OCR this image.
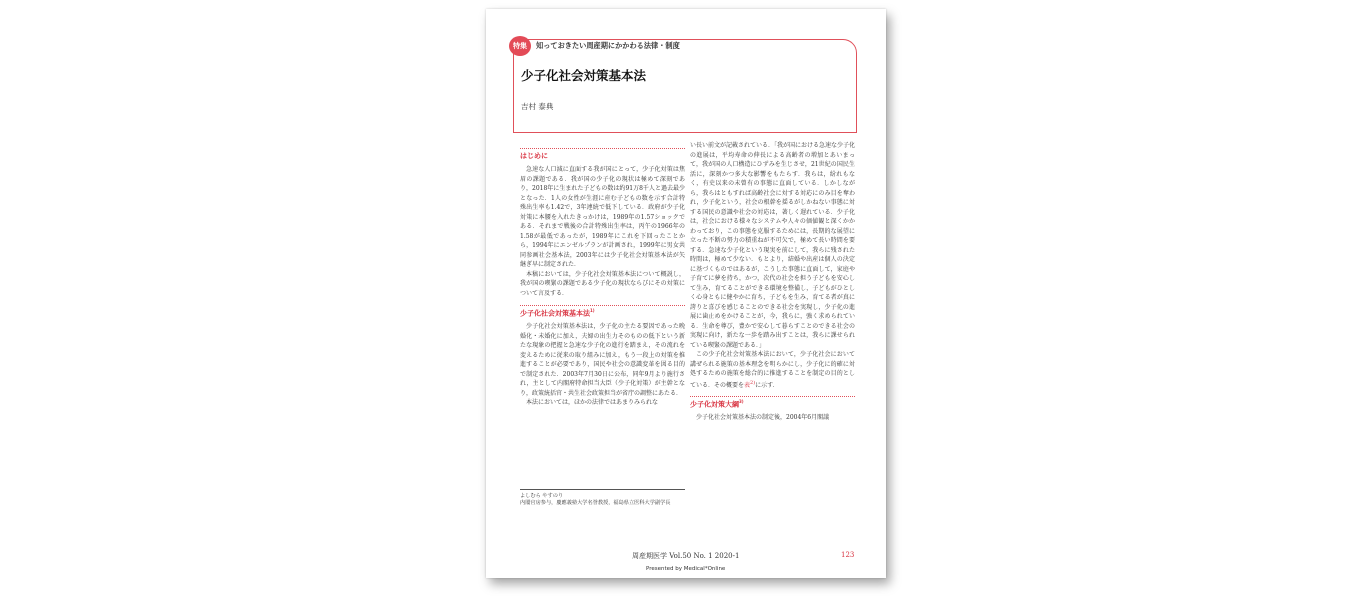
特集	知っておきたい周産期にかかわる法律・制度
少子化社会対策基本法
吉村 泰典
はじめに

急速な人口減に直面する我が国にとって，少子化対策は焦眉の課題である．我が国の少子化の現状は極めて深刻であり，2018年に生まれた子どもの数は約91万8千人と過去最少となった．1人の女性が生涯に産む子どもの数を示す合計特殊出生率も1.42で，3年連続で低下している．政府が少子化対策に本腰を入れたきっかけは，1989年の1.57ショックである．それまで戦後の合計特殊出生率は，丙午の1966年の1.58が最低であったが，1989年にこれを下回ったことから，1994年にエンゼルプランが計画され，1999年に男女共同参画社会基本法，2003年には少子化社会対策基本法が矢継ぎ早に制定された．

本稿においては，少子化社会対策基本法について概説し，我が国の喫緊の課題である少子化の現状ならびにその対策について言及する．

少子化社会対策基本法$^{1)}$

少子化社会対策基本法は，少子化の主たる要因であった晩婚化・未婚化に加え，夫婦の出生力そのものの低下という新たな現象の把握と急速な少子化の進行を踏まえ，その流れを変えるために従来の取り組みに加え，もう一段上の対策を推進することが必要であり，国民や社会の意識変革を図る目的で制定された．2003年7月30日に公布，同年9月より施行され，主として内閣府特命担当大臣（少子化対策）が主幹となり，政策統括官・共生社会政策担当が省庁の調整にあたる．

本法においては，ほかの法律ではあまりみられな

よしむら やすのり
内閣官房参与，慶應義塾大学名誉教授，福島県立医科大学副学長

い長い前文が記載されている．「我が国における急速な少子化の進展は，平均寿命の伸長による高齢者の増加とあいまって，我が国の人口構造にひずみを生じさせ，21世紀の国民生活に，深刻かつ多大な影響をもたらす．我らは，紛れもなく，有史以来の未曾有の事態に直面している．しかしながら，我らはともすれば高齢社会に対する対応にのみ目を奪われ，少子化という，社会の根幹を揺るがしかねない事態に対する国民の意識や社会の対応は，著しく遅れている．少子化は，社会における様々なシステムや人々の価値観と深くかかわっており，この事態を克服するためには，長期的な展望に立った不断の努力の積重ねが不可欠で，極めて長い時間を要する．急速な少子化という現実を前にして，我らに残された時間は，極めて少ない．もとより，結婚や出産は個人の決定に基づくものではあるが，こうした事態に直面して，家庭や子育てに夢を持ち，かつ，次代の社会を担う子どもを安心して生み，育てることができる環境を整備し，子どもがひとしく心身ともに健やかに育ち，子どもを生み，育てる者が真に誇りと喜びを感じることのできる社会を実現し，少子化の進展に歯止めをかけることが，今，我らに，強く求められている．生命を尊び，豊かで安心して暮らすことのできる社会の実現に向け，新たな一歩を踏み出すことは，我らに課せられている喫緊の課題である．」

この少子化社会対策基本法において，少子化社会において講ぜられる施策の基本理念を明らかにし，少子化に的確に対処するための施策を総合的に推進することを制定の目的としている．その概要を表$^{2)}$に示す．

少子化対策大綱$^{3)}$

少子化社会対策基本法の制定後，2004年6月閣議

周産期医学 Vol.50 No. 1 2020-1	123
Presented by Medical*Online
